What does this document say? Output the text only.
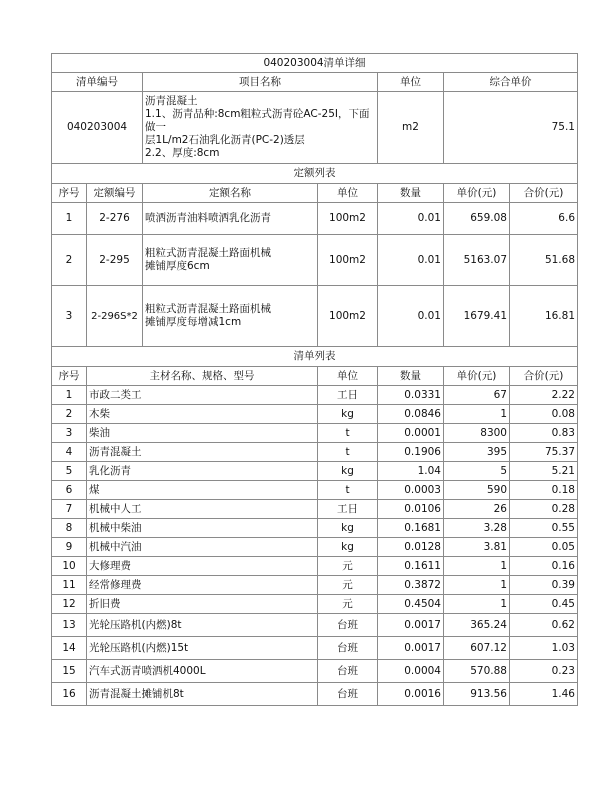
040203004清单详细						
清单编号		项目名称		单位	综合单价	
040203004		沥青混凝土
1.1、沥青品种:8cm粗粒式沥青砼AC-25I，下面做一
层1L/m2石油乳化沥青(PC-2)透层
2.2、厚度:8cm		m2	75.1	
定额列表						
序号	定额编号	定额名称	单位	数量	单价(元)	合价(元)
1	2-276	喷洒沥青油料喷洒乳化沥青	100m2	0.01	659.08	6.6
2	2-295	粗粒式沥青混凝土路面机械
摊铺厚度6cm	100m2	0.01	5163.07	51.68
3	2-296S*2	粗粒式沥青混凝土路面机械
摊铺厚度每增减1cm	100m2	0.01	1679.41	16.81
清单列表						
序号	主材名称、规格、型号		单位	数量	单价(元)	合价(元)
1	市政二类工		工日	0.0331	67	2.22
2	木柴		kg	0.0846	1	0.08
3	柴油		t	0.0001	8300	0.83
4	沥青混凝土		t	0.1906	395	75.37
5	乳化沥青		kg	1.04	5	5.21
6	煤		t	0.0003	590	0.18
7	机械中人工		工日	0.0106	26	0.28
8	机械中柴油		kg	0.1681	3.28	0.55
9	机械中汽油		kg	0.0128	3.81	0.05
10	大修理费		元	0.1611	1	0.16
11	经常修理费		元	0.3872	1	0.39
12	折旧费		元	0.4504	1	0.45
13	光轮压路机(内燃)8t		台班	0.0017	365.24	0.62
14	光轮压路机(内燃)15t		台班	0.0017	607.12	1.03
15	汽车式沥青喷洒机4000L		台班	0.0004	570.88	0.23
16	沥青混凝土摊铺机8t		台班	0.0016	913.56	1.46
